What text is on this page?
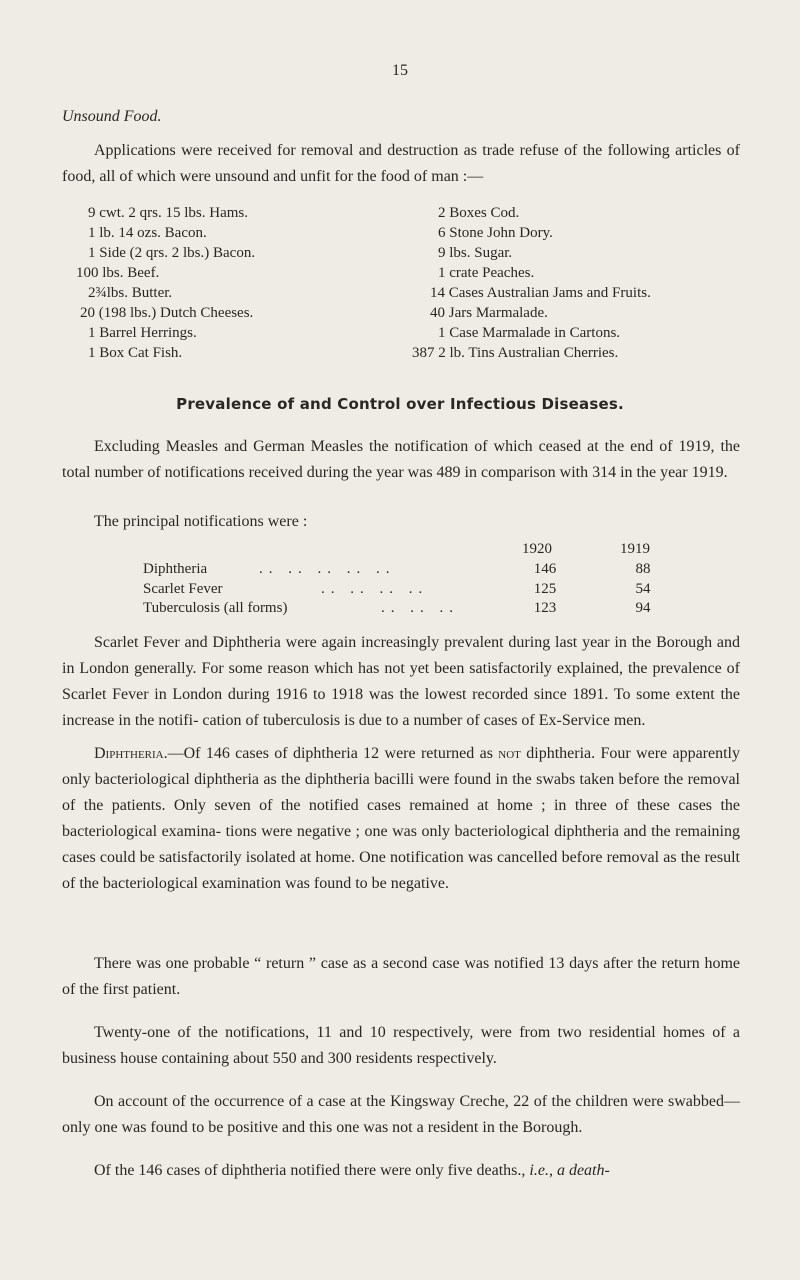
15
Unsound Food.
Applications were received for removal and destruction as trade refuse of the following articles of food, all of which were unsound and unfit for the food of man :—
9 cwt. 2 qrs. 15 lbs. Hams.
1 lb. 14 ozs. Bacon.
1 Side (2 qrs. 2 lbs.) Bacon.
100 lbs. Beef.
2¾lbs. Butter.
20 (198 lbs.) Dutch Cheeses.
1 Barrel Herrings.
1 Box Cat Fish.
2 Boxes Cod.
6 Stone John Dory.
9 lbs. Sugar.
1 crate Peaches.
14 Cases Australian Jams and Fruits.
40 Jars Marmalade.
1 Case Marmalade in Cartons.
387 2 lb. Tins Australian Cherries.
Prevalence of and Control over Infectious Diseases.
Excluding Measles and German Measles the notification of which ceased at the end of 1919, the total number of notifications received during the year was 489 in comparison with 314 in the year 1919.
The principal notifications were :
1920	1919
Diphtheria	.. .. .. .. ..	146	88
Scarlet Fever	.. .. .. ..	125	54
Tuberculosis (all forms)	.. .. ..	123	94
Scarlet Fever and Diphtheria were again increasingly prevalent during last year in the Borough and in London generally. For some reason which has not yet been satisfactorily explained, the prevalence of Scarlet Fever in London during 1916 to 1918 was the lowest recorded since 1891. To some extent the increase in the notifi- cation of tuberculosis is due to a number of cases of Ex-Service men.
Diphtheria.—Of 146 cases of diphtheria 12 were returned as not diphtheria. Four were apparently only bacteriological diphtheria as the diphtheria bacilli were found in the swabs taken before the removal of the patients. Only seven of the notified cases remained at home ; in three of these cases the bacteriological examina- tions were negative ; one was only bacteriological diphtheria and the remaining cases could be satisfactorily isolated at home. One notification was cancelled before removal as the result of the bacteriological examination was found to be negative.
There was one probable “ return ” case as a second case was notified 13 days after the return home of the first patient.
Twenty-one of the notifications, 11 and 10 respectively, were from two residential homes of a business house containing about 550 and 300 residents respectively.
On account of the occurrence of a case at the Kingsway Creche, 22 of the children were swabbed—only one was found to be positive and this one was not a resident in the Borough.
Of the 146 cases of diphtheria notified there were only five deaths., i.e., a death-
